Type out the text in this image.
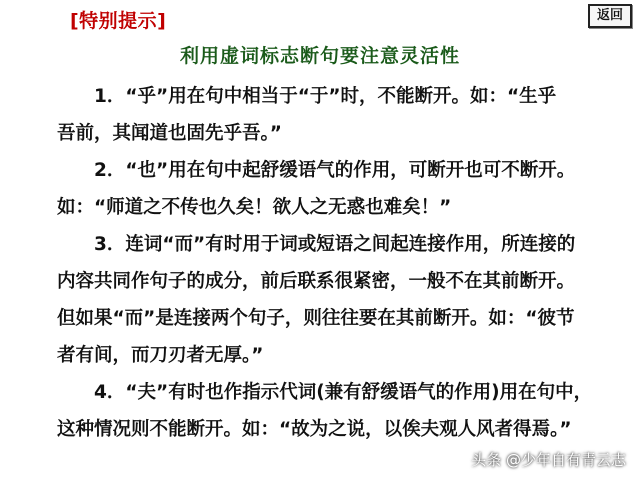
[特别提示]	返回
利用虚词标志断句要注意灵活性
1．“乎”用在句中相当于“于”时，不能断开。如：“生乎
吾前，其闻道也固先乎吾。”
2．“也”用在句中起舒缓语气的作用，可断开也可不断开。
如：“师道之不传也久矣！欲人之无惑也难矣！”
3．连词“而”有时用于词或短语之间起连接作用，所连接的
内容共同作句子的成分，前后联系很紧密，一般不在其前断开。
但如果“而”是连接两个句子，则往往要在其前断开。如：“彼节
者有间，而刀刃者无厚。”
4．“夫”有时也作指示代词(兼有舒缓语气的作用)用在句中，
这种情况则不能断开。如：“故为之说，以俟夫观人风者得焉。”
头条 @少年自有青云志
